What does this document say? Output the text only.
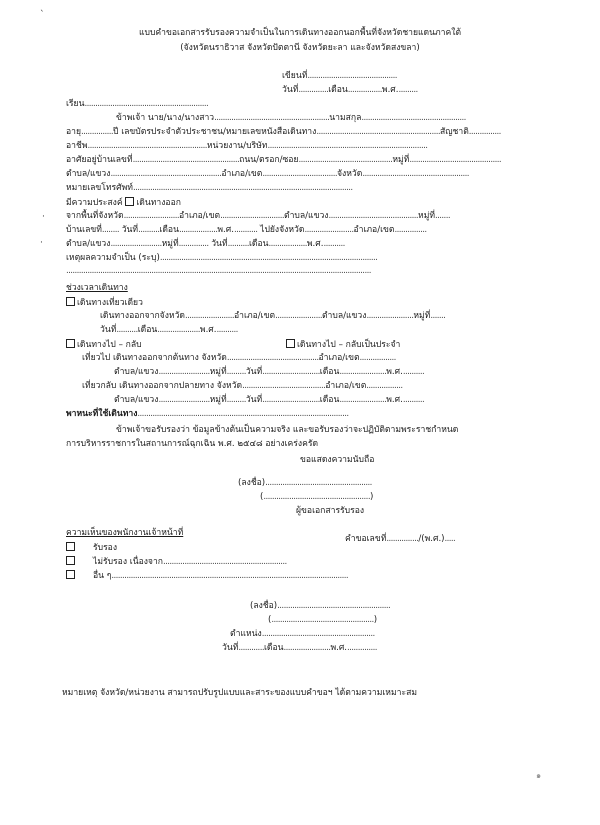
`
·
·
แบบคำขอเอกสารรับรองความจำเป็นในการเดินทางออกนอกพื้นที่จังหวัดชายแดนภาคใต้
(จังหวัดนราธิวาส จังหวัดปัตตานี จังหวัดยะลา และจังหวัดสงขลา)
เขียนที่..........................................
วันที่..............เดือน................พ.ศ..........
เรียน..........................................................
ข้าพเจ้า นาย/นาง/นางสาว......................................................นามสกุล.................................................
อายุ...............ปี เลขบัตรประจำตัวประชาชน/หมายเลขหนังสือเดินทาง..........................................................สัญชาติ...............
อาชีพ........................................................หน่วยงาน/บริษัท...........................................................................
อาศัยอยู่บ้านเลขที่..................................................ถนน/ตรอก/ซอย............................................หมู่ที่...........................................
ตำบล/แขวง....................................................อำเภอ/เขต...................................จังหวัด..................................................
หมายเลขโทรศัพท์.......................................................................................................
มีความประสงค์ เดินทางออก
จากพื้นที่จังหวัด..........................อำเภอ/เขต..............................ตำบล/แขวง..........................................หมู่ที่.......
บ้านเลขที่........ วันที่..........เดือน..................พ.ศ............ ไปยังจังหวัด.......................อำเภอ/เขต...............
ตำบล/แขวง........................หมู่ที่.............. วันที่..........เดือน..................พ.ศ...........
เหตุผลความจำเป็น (ระบุ)......................................................................................................
...............................................................................................................................................
ช่วงเวลาเดินทาง
เดินทางเที่ยวเดียว
เดินทางออกจากจังหวัด.......................อำเภอ/เขต......................ตำบล/แขวง......................หมู่ที่.......
วันที่..........เดือน....................พ.ศ...........
เดินทางไป – กลับ	เดินทางไป – กลับเป็นประจำ
เที่ยวไป เดินทางออกจากต้นทาง จังหวัด...........................................อำเภอ/เขต.................
ตำบล/แขวง........................หมู่ที่.........วันที่...........................เดือน......................พ.ศ...........
เที่ยวกลับ เดินทางออกจากปลายทาง จังหวัด.......................................อำเภอ/เขต.................
ตำบล/แขวง........................หมู่ที่.........วันที่...........................เดือน......................พ.ศ...........
พาหนะที่ใช้เดินทาง...................................................................................................
ข้าพเจ้าขอรับรองว่า ข้อมูลข้างต้นเป็นความจริง และขอรับรองว่าจะปฏิบัติตามพระราชกำหนด
การบริหารราชการในสถานการณ์ฉุกเฉิน พ.ศ. ๒๕๔๘ อย่างเคร่งครัด
ขอแสดงความนับถือ
(ลงชื่อ)..................................................
(..................................................)
ผู้ขอเอกสารรับรอง
ความเห็นของพนักงานเจ้าหน้าที่
คำขอเลขที่.............../(พ.ศ.).....
รับรอง
ไม่รับรอง เนื่องจาก..........................................................
อื่น ๆ...............................................................................................................
(ลงชื่อ).....................................................
(................................................)
ตำแหน่ง.....................................................
วันที่............เดือน......................พ.ศ...............
หมายเหตุ จังหวัด/หน่วยงาน สามารถปรับรูปแบบและสาระของแบบคำขอฯ ได้ตามความเหมาะสม
๑
